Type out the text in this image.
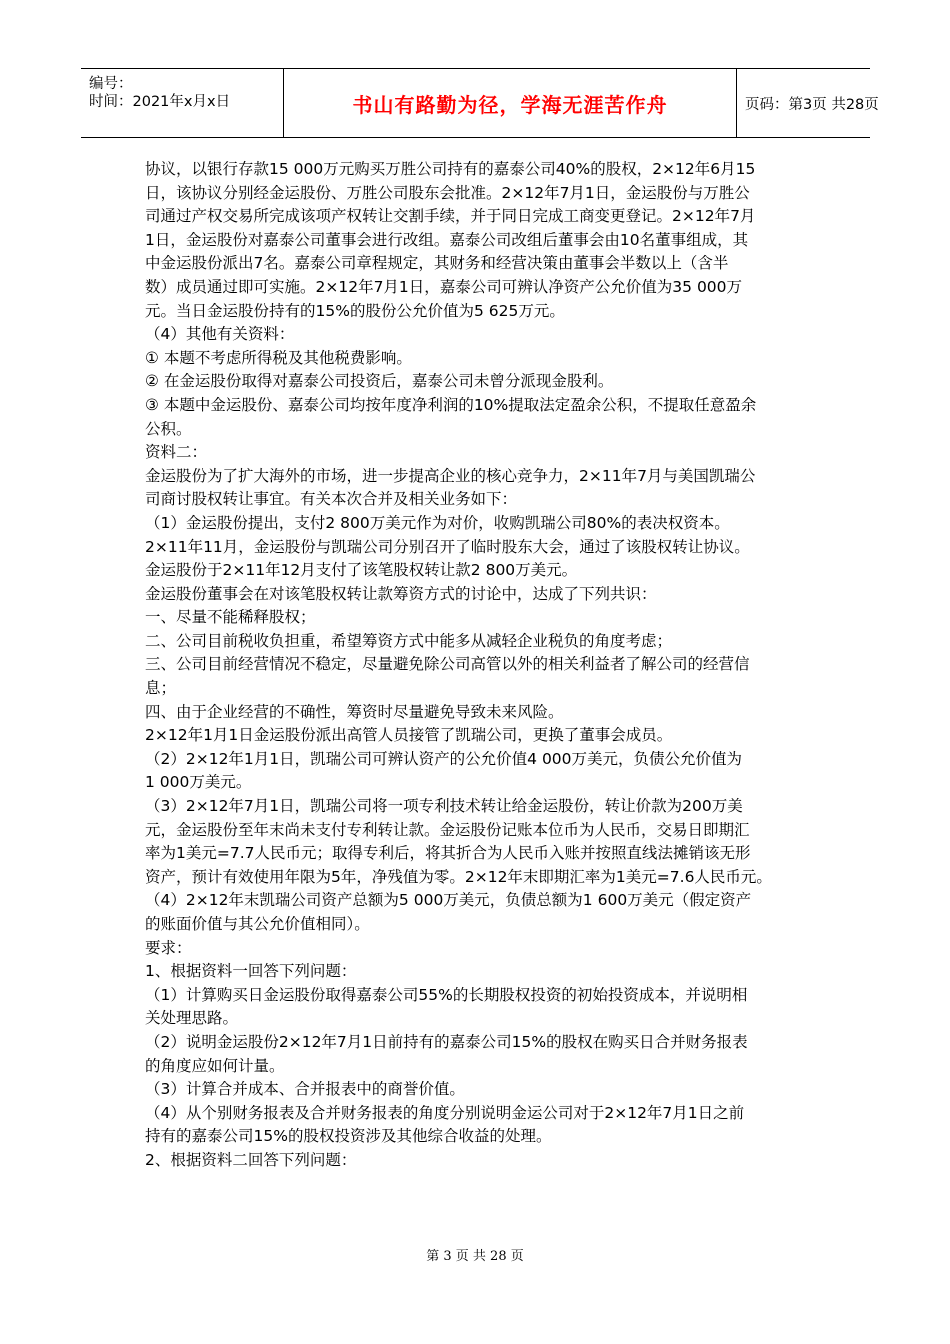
编号：
时间：2021年x月x日	书山有路勤为径，学海无涯苦作舟	页码：第3页 共28页
协议，以银行存款15 000万元购买万胜公司持有的嘉泰公司40%的股权，2×12年6月15
日，该协议分别经金运股份、万胜公司股东会批准。2×12年7月1日，金运股份与万胜公
司通过产权交易所完成该项产权转让交割手续，并于同日完成工商变更登记。2×12年7月
1日，金运股份对嘉泰公司董事会进行改组。嘉泰公司改组后董事会由10名董事组成，其
中金运股份派出7名。嘉泰公司章程规定，其财务和经营决策由董事会半数以上（含半
数）成员通过即可实施。2×12年7月1日，嘉泰公司可辨认净资产公允价值为35 000万
元。当日金运股份持有的15%的股份公允价值为5 625万元。
（4）其他有关资料：
① 本题不考虑所得税及其他税费影响。
② 在金运股份取得对嘉泰公司投资后，嘉泰公司未曾分派现金股利。
③ 本题中金运股份、嘉泰公司均按年度净利润的10%提取法定盈余公积，不提取任意盈余
公积。
资料二：
金运股份为了扩大海外的市场，进一步提高企业的核心竞争力，2×11年7月与美国凯瑞公
司商讨股权转让事宜。有关本次合并及相关业务如下：
（1）金运股份提出，支付2 800万美元作为对价，收购凯瑞公司80%的表决权资本。
2×11年11月，金运股份与凯瑞公司分别召开了临时股东大会，通过了该股权转让协议。
金运股份于2×11年12月支付了该笔股权转让款2 800万美元。
金运股份董事会在对该笔股权转让款筹资方式的讨论中，达成了下列共识：
一、尽量不能稀释股权；
二、公司目前税收负担重，希望筹资方式中能多从减轻企业税负的角度考虑；
三、公司目前经营情况不稳定，尽量避免除公司高管以外的相关利益者了解公司的经营信
息；
四、由于企业经营的不确性，筹资时尽量避免导致未来风险。
2×12年1月1日金运股份派出高管人员接管了凯瑞公司，更换了董事会成员。
（2）2×12年1月1日，凯瑞公司可辨认资产的公允价值4 000万美元，负债公允价值为
1 000万美元。
（3）2×12年7月1日，凯瑞公司将一项专利技术转让给金运股份，转让价款为200万美
元，金运股份至年末尚未支付专利转让款。金运股份记账本位币为人民币，交易日即期汇
率为1美元=7.7人民币元；取得专利后，将其折合为人民币入账并按照直线法摊销该无形
资产，预计有效使用年限为5年，净残值为零。2×12年末即期汇率为1美元=7.6人民币元。
（4）2×12年末凯瑞公司资产总额为5 000万美元，负债总额为1 600万美元（假定资产
的账面价值与其公允价值相同）。
要求：
1、根据资料一回答下列问题：
（1）计算购买日金运股份取得嘉泰公司55%的长期股权投资的初始投资成本，并说明相
关处理思路。
（2）说明金运股份2×12年7月1日前持有的嘉泰公司15%的股权在购买日合并财务报表
的角度应如何计量。
（3）计算合并成本、合并报表中的商誉价值。
（4）从个别财务报表及合并财务报表的角度分别说明金运公司对于2×12年7月1日之前
持有的嘉泰公司15%的股权投资涉及其他综合收益的处理。
2、根据资料二回答下列问题：
第 3 页 共 28 页
